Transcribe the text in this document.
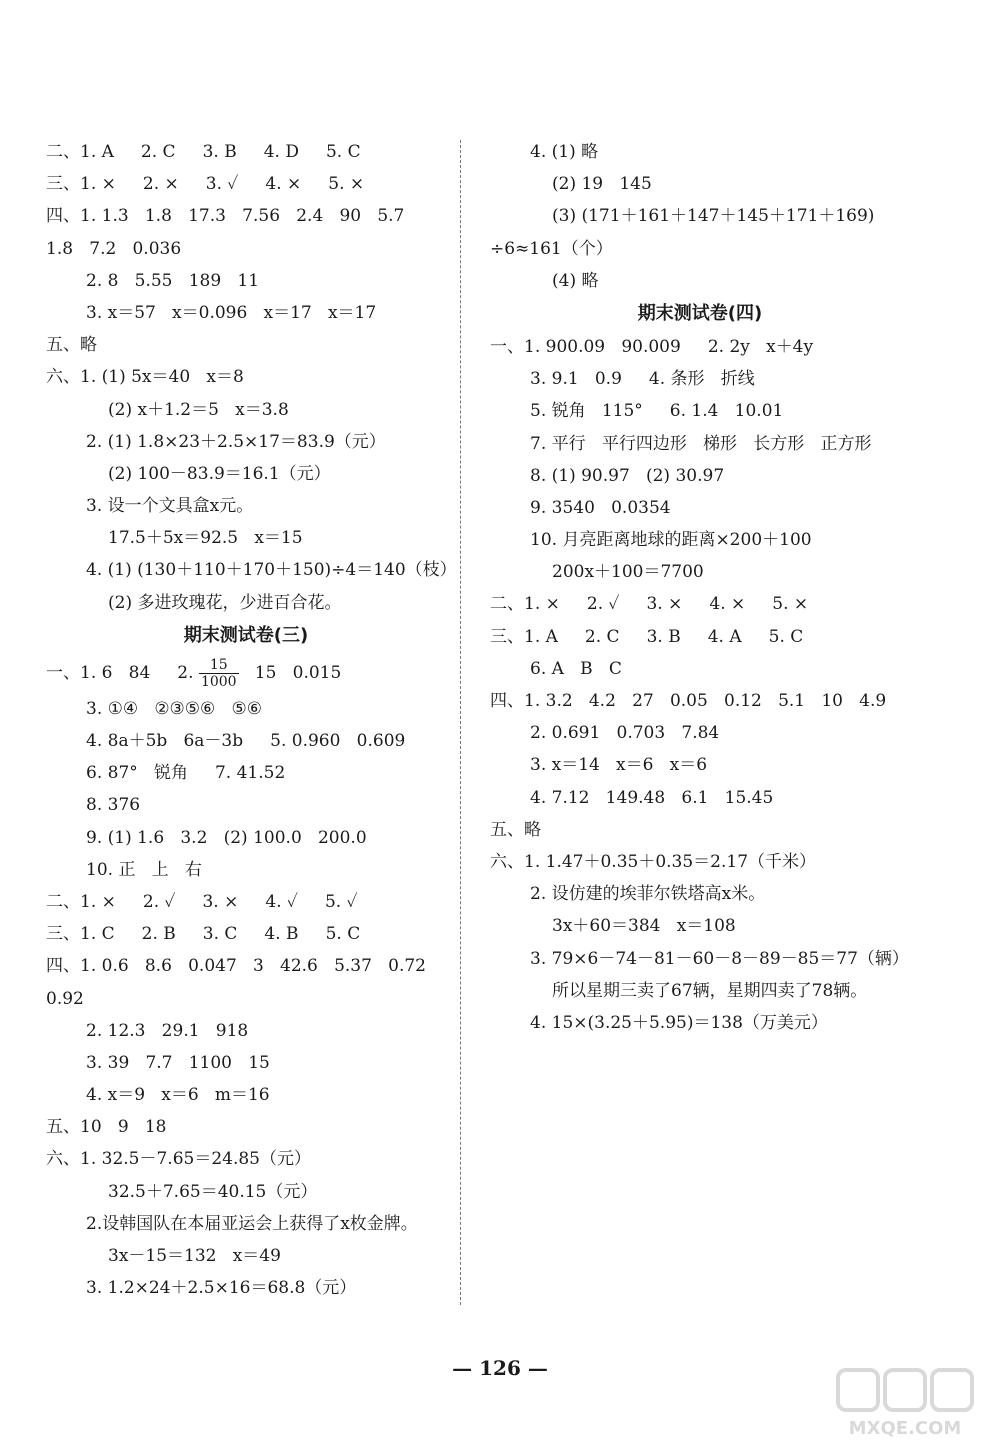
二、1. A     2. C     3. B     4. D     5. C
三、1. ×     2. ×     3. ✓     4. ×     5. ×
四、1. 1.3   1.8   17.3   7.56   2.4   90   5.7
1.8   7.2   0.036
2. 8   5.55   189   11
3. x＝57   x＝0.096   x＝17   x＝17
五、略
六、1. (1) 5x＝40   x＝8
(2) x＋1.2＝5   x＝3.8
2. (1) 1.8×23＋2.5×17＝83.9（元）
(2) 100－83.9＝16.1（元）
3. 设一个文具盒x元。
17.5＋5x＝92.5   x＝15
4. (1) (130＋110＋170＋150)÷4＝140（枝）
(2) 多进玫瑰花，少进百合花。
期末测试卷(三)
一、1. 6   84     2. $\frac{15}{1000} 15$   0.015
3. ①④   ②③⑤⑥   ⑤⑥
4. 8a＋5b   6a－3b     5. 0.960   0.609
6. 87°   锐角     7. 41.52
8. 376
9. (1) 1.6   3.2   (2) 100.0   200.0
10. 正   上   右
二、1. ×     2. ✓     3. ×     4. ✓     5. ✓
三、1. C     2. B     3. C     4. B     5. C
四、1. 0.6   8.6   0.047   3   42.6   5.37   0.72
0.92
2. 12.3   29.1   918
3. 39   7.7   1100   15
4. x＝9   x＝6   m＝16
五、10   9   18
六、1. 32.5－7.65＝24.85（元）
32.5＋7.65＝40.15（元）
2.设韩国队在本届亚运会上获得了x枚金牌。
3x－15＝132   x＝49
3. 1.2×24＋2.5×16＝68.8（元）
4. (1) 略
(2) 19   145
(3) (171＋161＋147＋145＋171＋169)
÷6≈161（个）
(4) 略
期末测试卷(四)
一、1. 900.09   90.009     2. 2y   x＋4y
3. 9.1   0.9     4. 条形   折线
5. 锐角   115°     6. 1.4   10.01
7. 平行   平行四边形   梯形   长方形   正方形
8. (1) 90.97   (2) 30.97
9. 3540   0.0354
10. 月亮距离地球的距离×200＋100
200x＋100＝7700
二、1. ×     2. ✓     3. ×     4. ×     5. ×
三、1. A     2. C     3. B     4. A     5. C
6. A   B   C
四、1. 3.2   4.2   27   0.05   0.12   5.1   10   4.9
2. 0.691   0.703   7.84
3. x＝14   x＝6   x＝6
4. 7.12   149.48   6.1   15.45
五、略
六、1. 1.47＋0.35＋0.35＝2.17（千米）
2. 设仿建的埃菲尔铁塔高x米。
3x＋60＝384   x＝108
3. 79×6－74－81－60－8－89－85＝77（辆）
所以星期三卖了67辆，星期四卖了78辆。
4. 15×(3.25＋5.95)＝138（万美元）
— 126 —
MXQE.COM
